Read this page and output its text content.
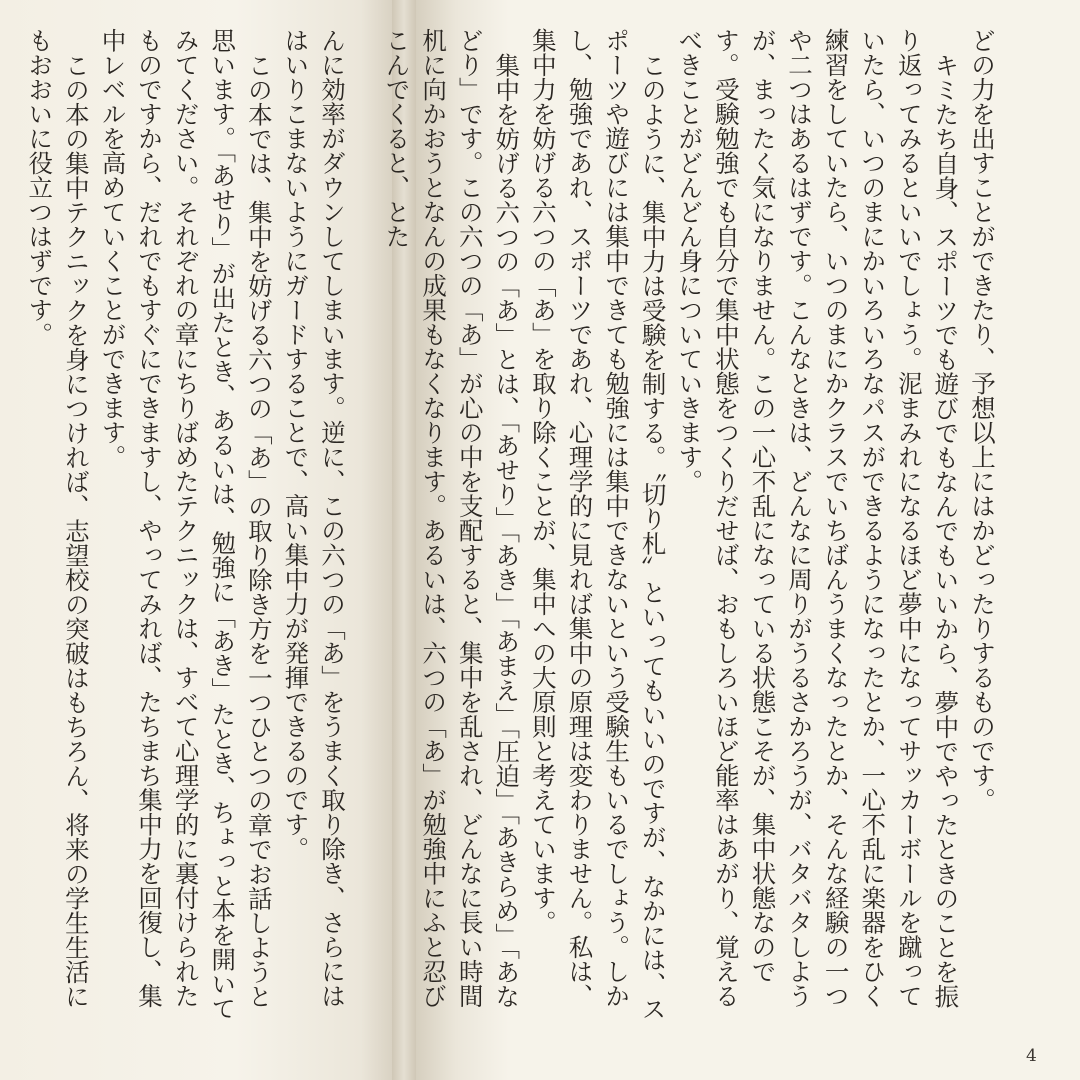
んに効率がダウンしてしまいます。逆に、この六つの「あ」をうまく取り除き、さらにははいりこまないようにガードすることで、高い集中力が発揮できるのです。

この本では、集中を妨げる六つの「あ」の取り除き方を一つひとつの章でお話しようと思います。「あせり」が出たとき、あるいは、勉強に「あき」たとき、ちょっと本を開いてみてください。それぞれの章にちりばめたテクニックは、すべて心理学的に裏付けられたものですから、だれでもすぐにできますし、やってみれば、たちまち集中力を回復し、集中レベルを高めていくことができます。

この本の集中テクニックを身につければ、志望校の突破はもちろん、将来の学生生活にもおおいに役立つはずです。	どの力を出すことができたり、予想以上にはかどったりするものです。

キミたち自身、スポーツでも遊びでもなんでもいいから、夢中でやったときのことを振り返ってみるといいでしょう。泥まみれになるほど夢中になってサッカーボールを蹴っていたら、いつのまにかいろいろなパスができるようになったとか、一心不乱に楽器をひく練習をしていたら、いつのまにかクラスでいちばんうまくなったとか、そんな経験の一つや二つはあるはずです。こんなときは、どんなに周りがうるさかろうが、バタバタしようが、まったく気になりません。この一心不乱になっている状態こそが、集中状態なのです。受験勉強でも自分で集中状態をつくりだせば、おもしろいほど能率はあがり、覚えるべきことがどんどん身についていきます。

このように、集中力は受験を制する。〝切り札〟といってもいいのですが、なかには、スポーツや遊びには集中できても勉強には集中できないという受験生もいるでしょう。しかし、勉強であれ、スポーツであれ、心理学的に見れば集中の原理は変わりません。私は、集中力を妨げる六つの「あ」を取り除くことが、集中への大原則と考えています。

集中を妨げる六つの「あ」とは、「あせり」「あき」「あまえ」「圧迫」「あきらめ」「あなどり」です。この六つの「あ」が心の中を支配すると、集中を乱され、どんなに長い時間机に向かおうとなんの成果もなくなります。あるいは、六つの「あ」が勉強中にふと忍びこんでくると、とた

4
